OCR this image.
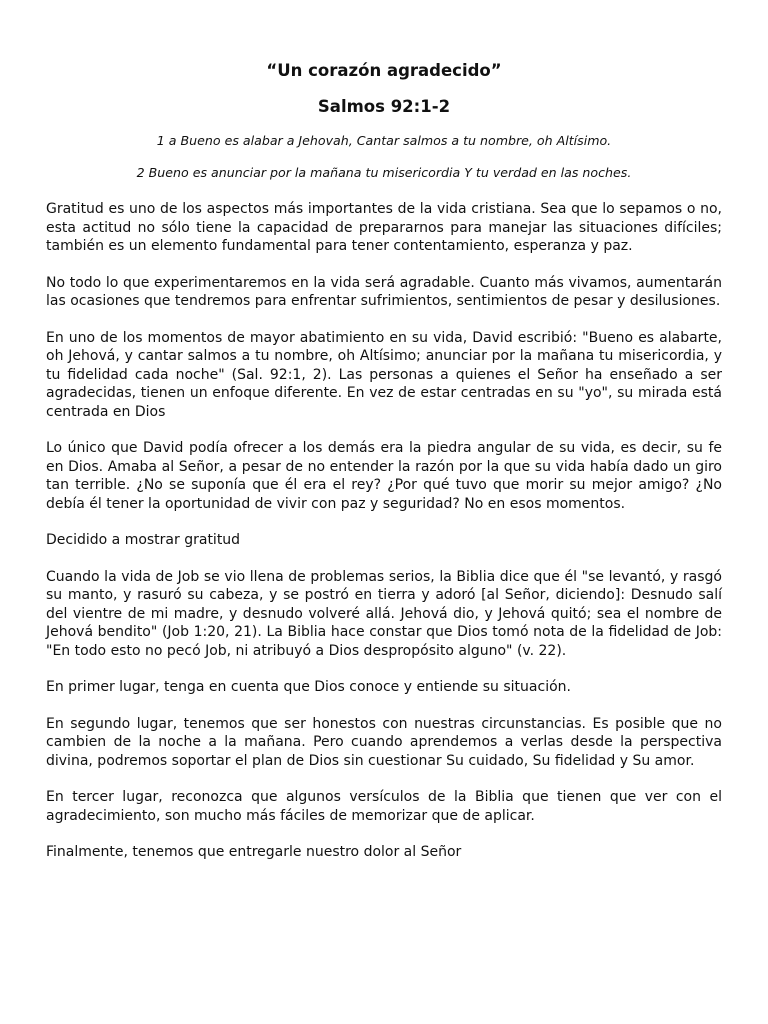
“Un corazón agradecido”
Salmos 92:1-2
1 a Bueno es alabar a Jehovah, Cantar salmos a tu nombre, oh Altísimo.
2 Bueno es anunciar por la mañana tu misericordia Y tu verdad en las noches.

Gratitud es uno de los aspectos más importantes de la vida cristiana. Sea que lo sepamos o no, esta actitud no sólo tiene la capacidad de prepararnos para manejar las situaciones difíciles; también es un elemento fundamental para tener contentamiento, esperanza y paz.

No todo lo que experimentaremos en la vida será agradable. Cuanto más vivamos, aumentarán las ocasiones que tendremos para enfrentar sufrimientos, sentimientos de pesar y desilusiones.

En uno de los momentos de mayor abatimiento en su vida, David escribió: "Bueno es alabarte, oh Jehová, y cantar salmos a tu nombre, oh Altísimo; anunciar por la mañana tu misericordia, y tu fidelidad cada noche" (Sal. 92:1, 2). Las personas a quienes el Señor ha enseñado a ser agradecidas, tienen un enfoque diferente. En vez de estar centradas en su "yo", su mirada está centrada en Dios

Lo único que David podía ofrecer a los demás era la piedra angular de su vida, es decir, su fe en Dios. Amaba al Señor, a pesar de no entender la razón por la que su vida había dado un giro tan terrible. ¿No se suponía que él era el rey? ¿Por qué tuvo que morir su mejor amigo? ¿No debía él tener la oportunidad de vivir con paz y seguridad? No en esos momentos.

Decidido a mostrar gratitud

Cuando la vida de Job se vio llena de problemas serios, la Biblia dice que él "se levantó, y rasgó su manto, y rasuró su cabeza, y se postró en tierra y adoró [al Señor, diciendo]: Desnudo salí del vientre de mi madre, y desnudo volveré allá. Jehová dio, y Jehová quitó; sea el nombre de Jehová bendito" (Job 1:20, 21). La Biblia hace constar que Dios tomó nota de la fidelidad de Job: "En todo esto no pecó Job, ni atribuyó a Dios despropósito alguno" (v. 22).

En primer lugar, tenga en cuenta que Dios conoce y entiende su situación.

En segundo lugar, tenemos que ser honestos con nuestras circunstancias. Es posible que no cambien de la noche a la mañana. Pero cuando aprendemos a verlas desde la perspectiva divina, podremos soportar el plan de Dios sin cuestionar Su cuidado, Su fidelidad y Su amor.

En tercer lugar, reconozca que algunos versículos de la Biblia que tienen que ver con el agradecimiento, son mucho más fáciles de memorizar que de aplicar.

Finalmente, tenemos que entregarle nuestro dolor al Señor
